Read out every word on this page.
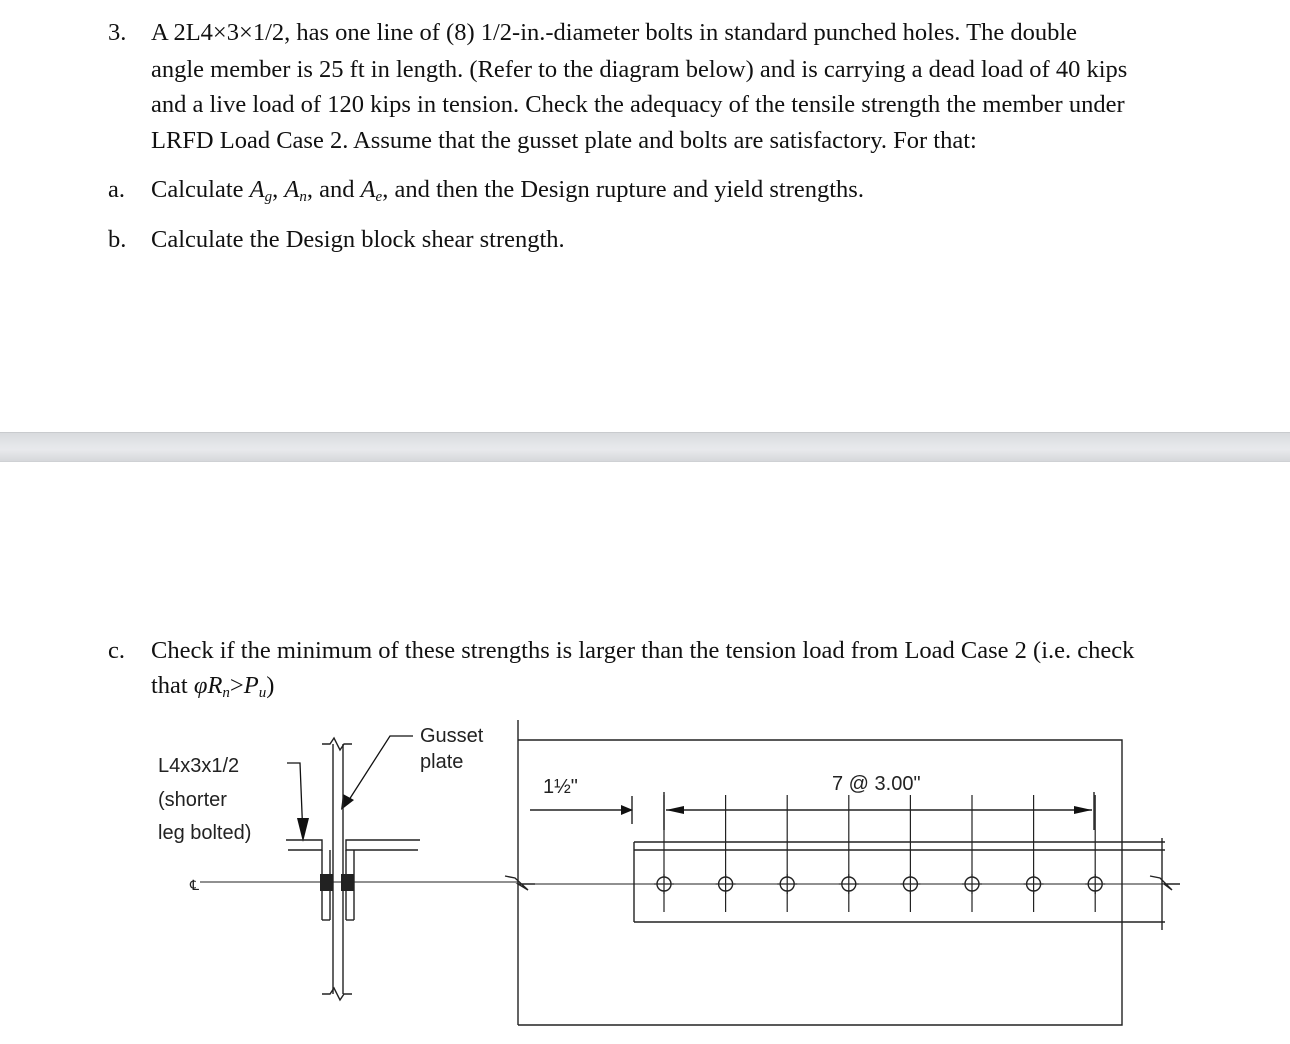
3. A 2L4×3×1/2, has one line of (8) 1/2-in.-diameter bolts in standard punched holes. The double
angle member is 25 ft in length. (Refer to the diagram below) and is carrying a dead load of 40 kips
and a live load of 120 kips in tension. Check the adequacy of the tensile strength the member under
LRFD Load Case 2. Assume that the gusset plate and bolts are satisfactory. For that:
a. Calculate $A_g$, $A_n$, and $A_e$, and then the Design rupture and yield strengths.
b. Calculate the Design block shear strength.
c. Check if the minimum of these strengths is larger than the tension load from Load Case 2 (i.e. check
that $\varphi R_n>P_u$)
L4x3x1/2
(shorter
leg bolted)
Gusset
plate
℄
1½"	7 @ 3.00"
